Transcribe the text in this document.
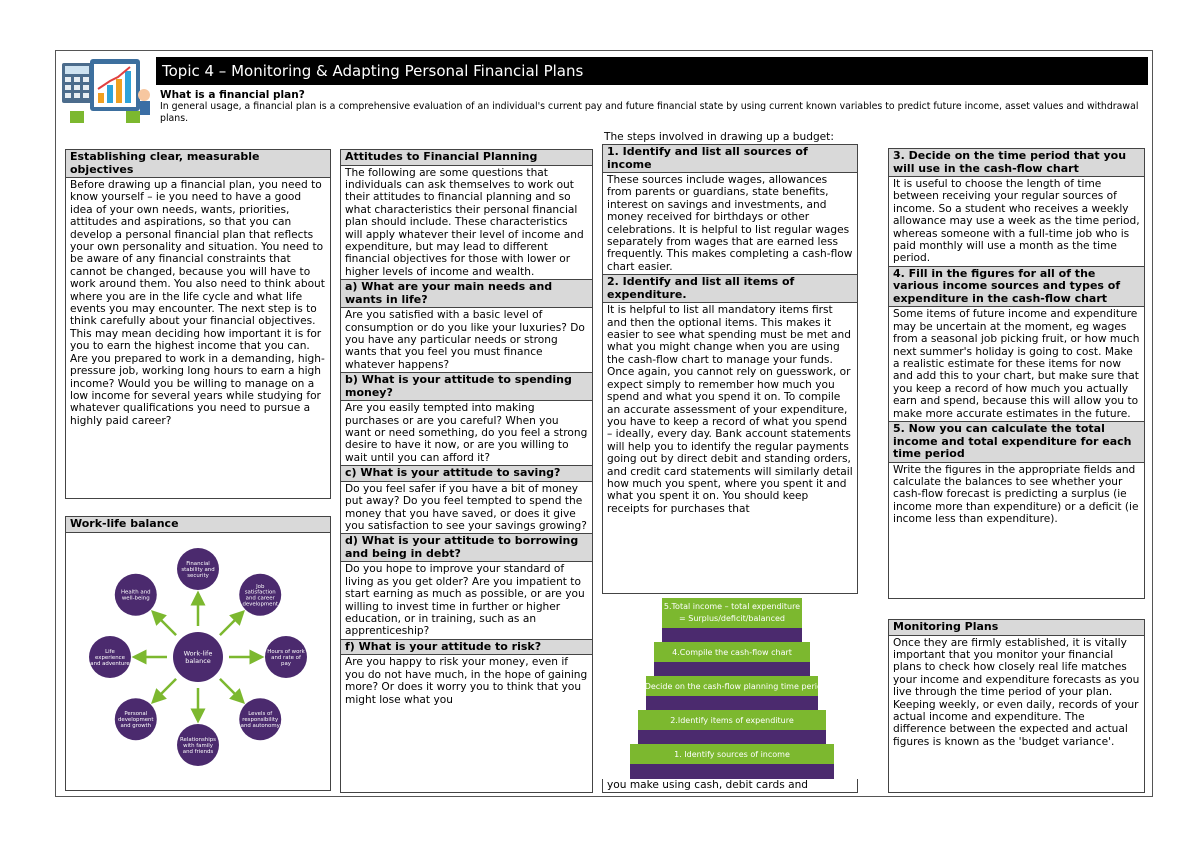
Topic 4 – Monitoring & Adapting Personal Financial Plans
What is a financial plan?
In general usage, a financial plan is a comprehensive evaluation of an individual's current pay and future financial state by using current known variables to predict future income, asset values and withdrawal plans.
Establishing clear, measurable objectives
Before drawing up a financial plan, you need to know yourself – ie you need to have a good idea of your own needs, wants, priorities, attitudes and aspirations, so that you can develop a personal financial plan that reflects your own personality and situation. You need to be aware of any financial constraints that cannot be changed, because you will have to work around them. You also need to think about where you are in the life cycle and what life events you may encounter. The next step is to think carefully about your financial objectives. This may mean deciding how important it is for you to earn the highest income that you can. Are you prepared to work in a demanding, high-pressure job, working long hours to earn a high income? Would you be willing to manage on a low income for several years while studying for whatever qualifications you need to pursue a highly paid career?
Work-life balance
Financial stability and security
Job satisfaction and career development
Hours of work and rate of pay
Levels of responsibility and autonomy
Relationships with family and friends
Personal development and growth
Life experience and adventure
Health and well-being
Work-life balance
Attitudes to Financial Planning
The following are some questions that individuals can ask themselves to work out their attitudes to financial planning and so what characteristics their personal financial plan should include. These characteristics will apply whatever their level of income and expenditure, but may lead to different financial objectives for those with lower or higher levels of income and wealth.
a) What are your main needs and wants in life?
Are you satisfied with a basic level of consumption or do you like your luxuries? Do you have any particular needs or strong wants that you feel you must finance whatever happens?
b) What is your attitude to spending money?
Are you easily tempted into making purchases or are you careful? When you want or need something, do you feel a strong desire to have it now, or are you willing to wait until you can afford it?
c) What is your attitude to saving?
Do you feel safer if you have a bit of money put away? Do you feel tempted to spend the money that you have saved, or does it give you satisfaction to see your savings growing?
d) What is your attitude to borrowing and being in debt?
Do you hope to improve your standard of living as you get older? Are you impatient to start earning as much as possible, or are you willing to invest time in further or higher education, or in training, such as an apprenticeship?
f) What is your attitude to risk?
Are you happy to risk your money, even if you do not have much, in the hope of gaining more? Or does it worry you to think that you might lose what you
The steps involved in drawing up a budget:
1. Identify and list all sources of income
These sources include wages, allowances from parents or guardians, state benefits, interest on savings and investments, and money received for birthdays or other celebrations. It is helpful to list regular wages separately from wages that are earned less frequently. This makes completing a cash-flow chart easier.
2. Identify and list all items of expenditure.
It is helpful to list all mandatory items first and then the optional items. This makes it easier to see what spending must be met and what you might change when you are using the cash-flow chart to manage your funds. Once again, you cannot rely on guesswork, or expect simply to remember how much you spend and what you spend it on. To compile an accurate assessment of your expenditure, you have to keep a record of what you spend – ideally, every day. Bank account statements will help you to identify the regular payments going out by direct debit and standing orders, and credit card statements will similarly detail how much you spent, where you spent it and what you spent it on. You should keep receipts for purchases that
5.Total income – total expenditure
= Surplus/deficit/balanced
4.Compile the cash-flow chart
3.Decide on the cash-flow planning time period
2.Identify items of expenditure
1. Identify sources of income
you make using cash, debit cards and
3. Decide on the time period that you will use in the cash-flow chart
It is useful to choose the length of time between receiving your regular sources of income. So a student who receives a weekly allowance may use a week as the time period, whereas someone with a full-time job who is paid monthly will use a month as the time period.
4. Fill in the figures for all of the various income sources and types of expenditure in the cash-flow chart
Some items of future income and expenditure may be uncertain at the moment, eg wages from a seasonal job picking fruit, or how much next summer's holiday is going to cost. Make a realistic estimate for these items for now and add this to your chart, but make sure that you keep a record of how much you actually earn and spend, because this will allow you to make more accurate estimates in the future.
5. Now you can calculate the total income and total expenditure for each time period
Write the figures in the appropriate fields and calculate the balances to see whether your cash-flow forecast is predicting a surplus (ie income more than expenditure) or a deficit (ie income less than expenditure).
Monitoring Plans
Once they are firmly established, it is vitally important that you monitor your financial plans to check how closely real life matches your income and expenditure forecasts as you live through the time period of your plan. Keeping weekly, or even daily, records of your actual income and expenditure. The difference between the expected and actual figures is known as the 'budget variance'.
